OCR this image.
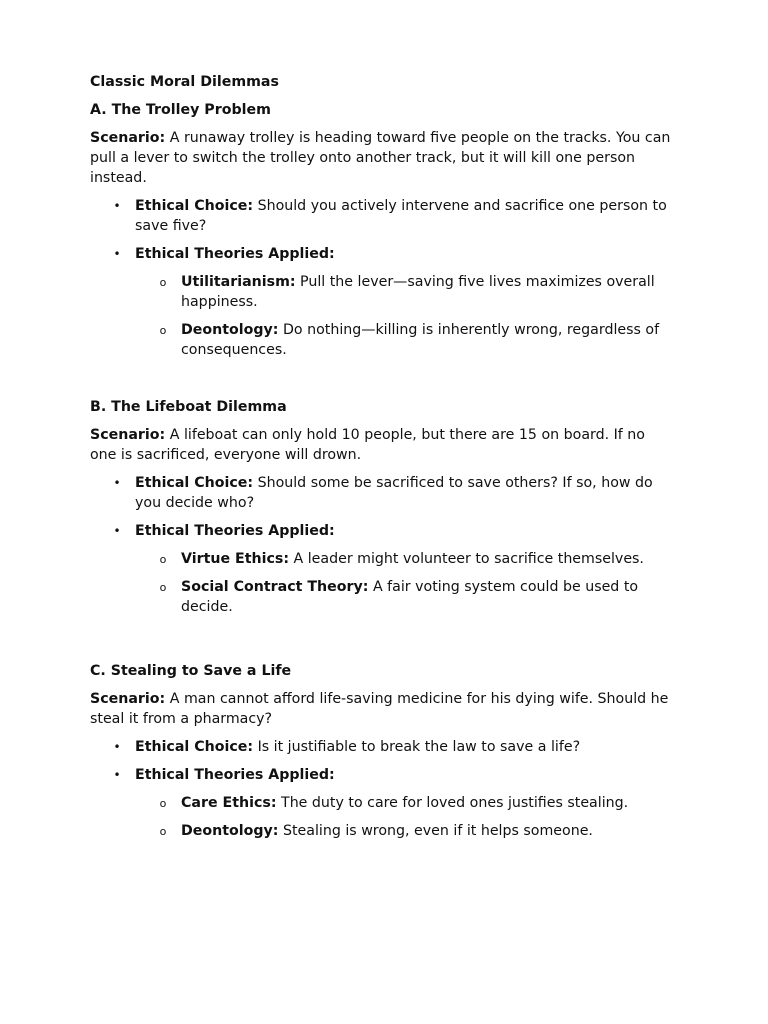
Classic Moral Dilemmas

A. The Trolley Problem

Scenario: A runaway trolley is heading toward five people on the tracks. You can pull a lever to switch the trolley onto another track, but it will kill one person instead.

• Ethical Choice: Should you actively intervene and sacrifice one person to save five?
• Ethical Theories Applied:
o Utilitarianism: Pull the lever—saving five lives maximizes overall happiness.
o Deontology: Do nothing—killing is inherently wrong, regardless of consequences.

B. The Lifeboat Dilemma

Scenario: A lifeboat can only hold 10 people, but there are 15 on board. If no one is sacrificed, everyone will drown.

• Ethical Choice: Should some be sacrificed to save others? If so, how do you decide who?
• Ethical Theories Applied:
o Virtue Ethics: A leader might volunteer to sacrifice themselves.
o Social Contract Theory: A fair voting system could be used to decide.

C. Stealing to Save a Life

Scenario: A man cannot afford life-saving medicine for his dying wife. Should he steal it from a pharmacy?

• Ethical Choice: Is it justifiable to break the law to save a life?
• Ethical Theories Applied:
o Care Ethics: The duty to care for loved ones justifies stealing.
o Deontology: Stealing is wrong, even if it helps someone.
